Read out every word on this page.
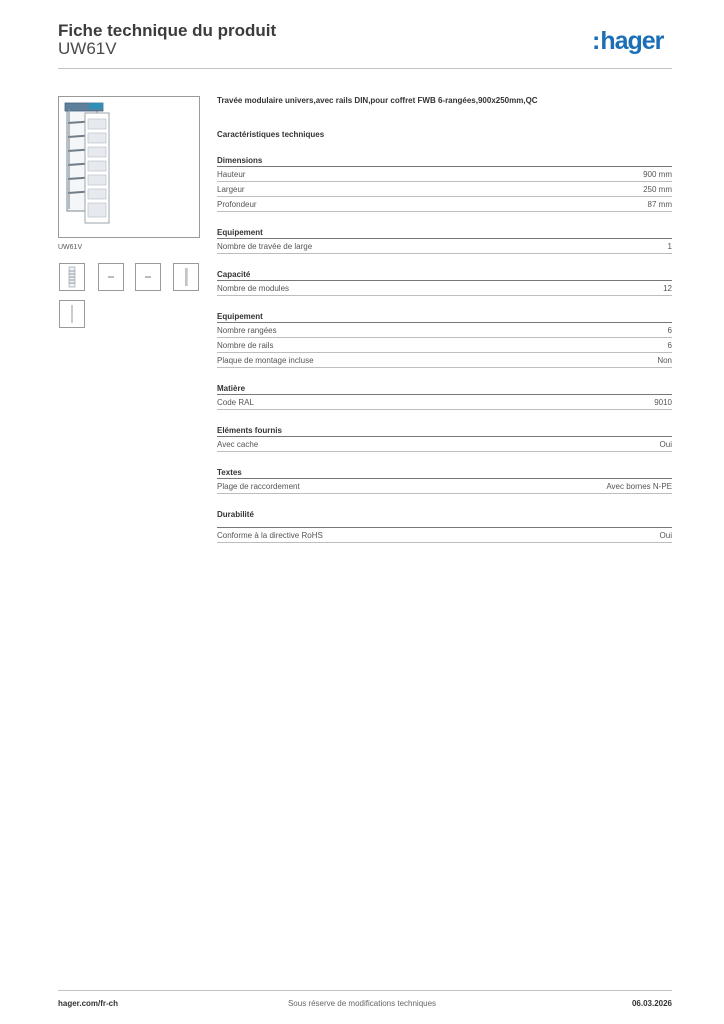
Fiche technique du produit
UW61V	:hager
UW61V
Travée modulaire univers,avec rails DIN,pour coffret FWB 6-rangées,900x250mm,QC
Caractéristiques techniques
Dimensions
Hauteur	900 mm
Largeur	250 mm
Profondeur	87 mm
Equipement
Nombre de travée de large	1
Capacité
Nombre de modules	12
Equipement
Nombre rangées	6
Nombre de rails	6
Plaque de montage incluse	Non
Matière
Code RAL	9010
Eléments fournis
Avec cache	Oui
Textes
Plage de raccordement	Avec bornes N-PE
Durabilité
Conforme à la directive RoHS	Oui
hager.com/fr-ch	Sous réserve de modifications techniques	06.03.2026
